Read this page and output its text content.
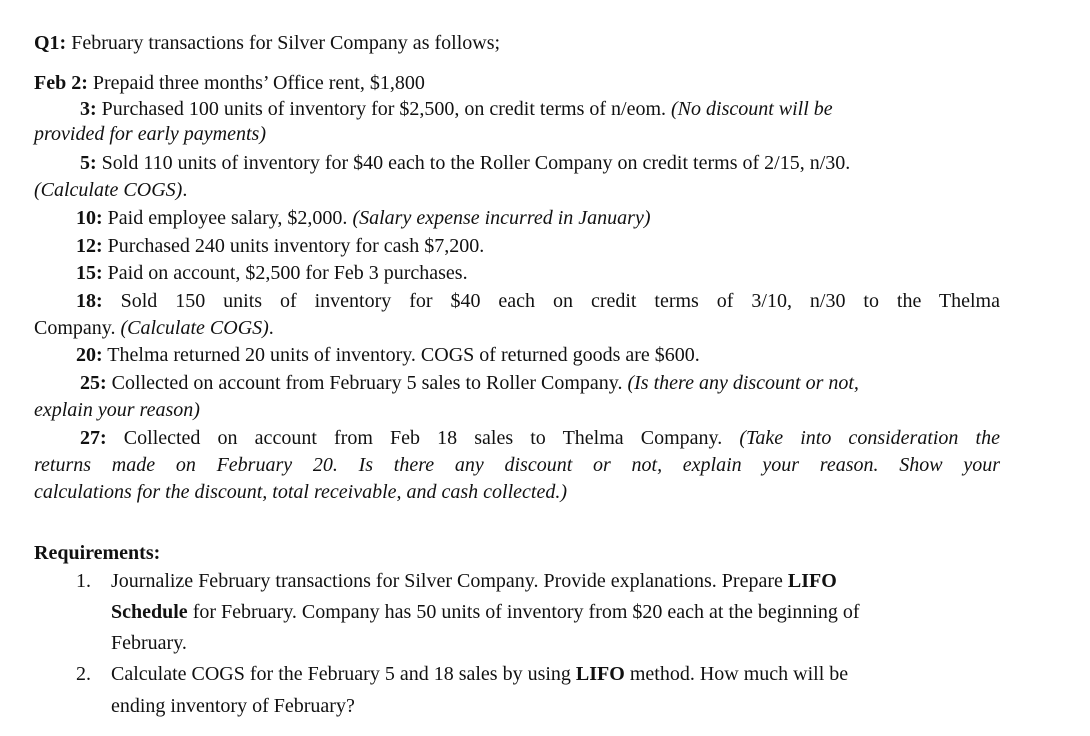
Q1: February transactions for Silver Company as follows;
Feb 2: Prepaid three months’ Office rent, $1,800
3: Purchased 100 units of inventory for $2,500, on credit terms of n/eom. (No discount will be
provided for early payments)
5: Sold 110 units of inventory for $40 each to the Roller Company on credit terms of 2/15, n/30.
(Calculate COGS).
10: Paid employee salary, $2,000. (Salary expense incurred in January)
12: Purchased 240 units inventory for cash $7,200.
15: Paid on account, $2,500 for Feb 3 purchases.
18: Sold 150 units of inventory for $40 each on credit terms of 3/10, n/30 to the Thelma
Company. (Calculate COGS).
20: Thelma returned 20 units of inventory. COGS of returned goods are $600.
25: Collected on account from February 5 sales to Roller Company. (Is there any discount or not,
explain your reason)
27: Collected on account from Feb 18 sales to Thelma Company. (Take into consideration the
returns made on February 20. Is there any discount or not, explain your reason. Show your
calculations for the discount, total receivable, and cash collected.)
Requirements:
1. Journalize February transactions for Silver Company. Provide explanations. Prepare LIFO
Schedule for February. Company has 50 units of inventory from $20 each at the beginning of
February.
2. Calculate COGS for the February 5 and 18 sales by using LIFO method. How much will be
ending inventory of February?
